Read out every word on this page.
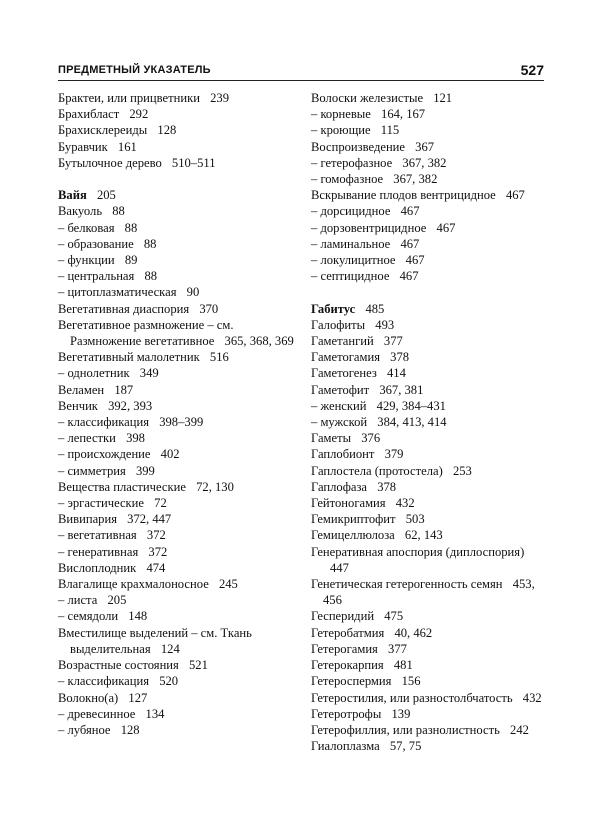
ПРЕДМЕТНЫЙ УКАЗАТЕЛЬ	527
Брактеи, или прицветники 239
Брахибласт 292
Брахисклереиды 128
Буравчик 161
Бутылочное дерево 510–511
Вайя 205
Вакуоль 88
– белковая 88
– образование 88
– функции 89
– центральная 88
– цитоплазматическая 90
Вегетативная диаспория 370
Вегетативное размножение – см. Размножение вегетативное 365, 368, 369
Вегетативный малолетник 516
– однолетник 349
Веламен 187
Венчик 392, 393
– классификация 398–399
– лепестки 398
– происхождение 402
– симметрия 399
Вещества пластические 72, 130
– эргастические 72
Вивипария 372, 447
– вегетативная 372
– генеративная 372
Вислоплодник 474
Влагалище крахмалоносное 245
– листа 205
– семядоли 148
Вместилище выделений – см. Ткань выделительная 124
Возрастные состояния 521
– классификация 520
Волокно(а) 127
– древесинное 134
– лубяное 128
Волоски железистые 121
– корневые 164, 167
– кроющие 115
Воспроизведение 367
– гетерофазное 367, 382
– гомофазное 367, 382
Вскрывание плодов вентрицидное 467
– дорсицидное 467
– дорзовентрицидное 467
– ламинальное 467
– локулицитное 467
– септицидное 467
Габитус 485
Галофиты 493
Гаметангий 377
Гаметогамия 378
Гаметогенез 414
Гаметофит 367, 381
– женский 429, 384–431
– мужской 384, 413, 414
Гаметы 376
Гаплобионт 379
Гаплостела (протостела) 253
Гаплофаза 378
Гейтоногамия 432
Гемикриптофит 503
Гемицеллюлоза 62, 143
Генеративная апоспория (диплоспория) 447
Генетическая гетерогенность семян 453, 456
Гесперидий 475
Гетеробатмия 40, 462
Гетерогамия 377
Гетерокарпия 481
Гетероспермия 156
Гетеростилия, или разностолбчатость 432
Гетеротрофы 139
Гетерофиллия, или разнолистность 242
Гиалоплазма 57, 75
